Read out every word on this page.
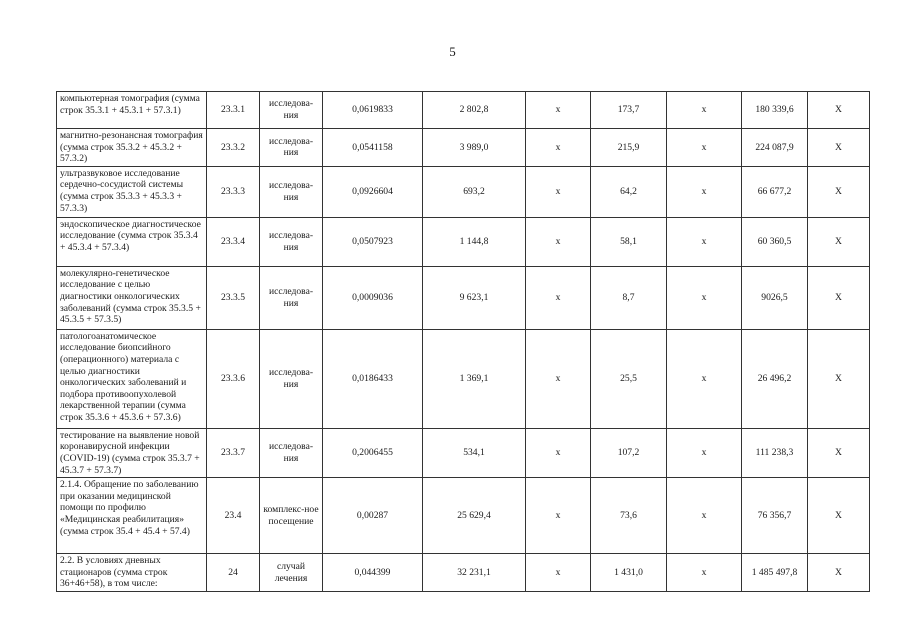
5
компьютерная томография (сумма строк 35.3.1 + 45.3.1 + 57.3.1)	23.3.1	исследова-ния	0,0619833	2 802,8	x	173,7	x	180 339,6	X
магнитно-резонансная томография (сумма строк 35.3.2 + 45.3.2 + 57.3.2)	23.3.2	исследова-ния	0,0541158	3 989,0	x	215,9	x	224 087,9	X
ультразвуковое исследование сердечно-сосудистой системы (сумма строк 35.3.3 + 45.3.3 + 57.3.3)	23.3.3	исследова-ния	0,0926604	693,2	x	64,2	x	66 677,2	X
эндоскопическое диагностическое исследование (сумма строк 35.3.4 + 45.3.4 + 57.3.4)	23.3.4	исследова-ния	0,0507923	1 144,8	x	58,1	x	60 360,5	X
молекулярно-генетическое исследование с целью диагностики онкологических заболеваний (сумма строк 35.3.5 + 45.3.5 + 57.3.5)	23.3.5	исследова-ния	0,0009036	9 623,1	x	8,7	x	9026,5	X
патологоанатомическое исследование биопсийного (операционного) материала с целью диагностики онкологических заболеваний и подбора противоопухолевой лекарственной терапии (сумма строк 35.3.6 + 45.3.6 + 57.3.6)	23.3.6	исследова-ния	0,0186433	1 369,1	x	25,5	x	26 496,2	X
тестирование на выявление новой коронавирусной инфекции (COVID-19) (сумма строк 35.3.7 + 45.3.7 + 57.3.7)	23.3.7	исследова-ния	0,2006455	534,1	x	107,2	x	111 238,3	X
2.1.4. Обращение по заболеванию при оказании медицинской помощи по профилю «Медицинская реабилитация» (сумма строк 35.4 + 45.4 + 57.4)	23.4	комплекс-ное посещение	0,00287	25 629,4	x	73,6	x	76 356,7	X
2.2. В условиях дневных стационаров (сумма строк 36+46+58), в том числе:	24	случай лечения	0,044399	32 231,1	x	1 431,0	x	1 485 497,8	X
